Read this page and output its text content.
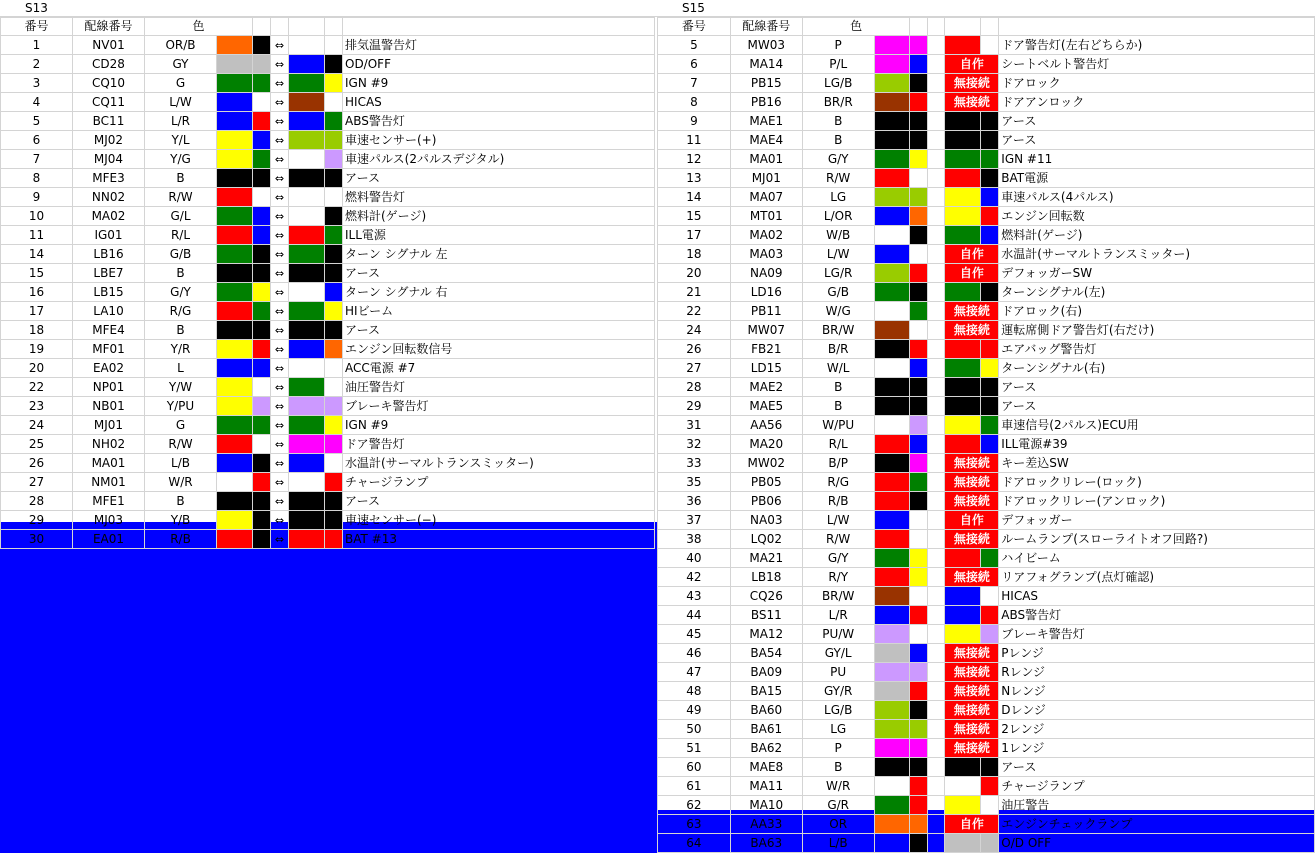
S13
番号	配線番号	色						
1	NV01	OR/B			⇔			排気温警告灯
2	CD28	GY			⇔			OD/OFF
3	CQ10	G			⇔			IGN #9
4	CQ11	L/W			⇔			HICAS
5	BC11	L/R			⇔			ABS警告灯
6	MJ02	Y/L			⇔			車速センサー(+)
7	MJ04	Y/G			⇔			車速パルス(2パルスデジタル)
8	MFE3	B			⇔			アース
9	NN02	R/W			⇔			燃料警告灯
10	MA02	G/L			⇔			燃料計(ゲージ)
11	IG01	R/L			⇔			ILL電源
14	LB16	G/B			⇔			ターン シグナル 左
15	LBE7	B			⇔			アース
16	LB15	G/Y			⇔			ターン シグナル 右
17	LA10	R/G			⇔			HIビーム
18	MFE4	B			⇔			アース
19	MF01	Y/R			⇔			エンジン回転数信号
20	EA02	L			⇔			ACC電源 #7
22	NP01	Y/W			⇔			油圧警告灯
23	NB01	Y/PU			⇔			ブレーキ警告灯
24	MJ01	G			⇔			IGN #9
25	NH02	R/W			⇔			ドア警告灯
26	MA01	L/B			⇔			水温計(サーマルトランスミッター)
27	NM01	W/R			⇔			チャージランプ
28	MFE1	B			⇔			アース
29	MJ03	Y/B			⇔			車速センサー(−)
30	EA01	R/B			⇔			BAT #13
S15
番号	配線番号	色						
5	MW03	P						ドア警告灯(左右どちらか)
6	MA14	P/L				自作		シートベルト警告灯
7	PB15	LG/B				無接続		ドアロック
8	PB16	BR/R				無接続		ドアアンロック
9	MAE1	B						アース
11	MAE4	B						アース
12	MA01	G/Y						IGN #11
13	MJ01	R/W						BAT電源
14	MA07	LG						車速パルス(4パルス)
15	MT01	L/OR						エンジン回転数
17	MA02	W/B						燃料計(ゲージ)
18	MA03	L/W				自作		水温計(サーマルトランスミッター)
20	NA09	LG/R				自作		デフォッガーSW
21	LD16	G/B						ターンシグナル(左)
22	PB11	W/G				無接続		ドアロック(右)
24	MW07	BR/W				無接続		運転席側ドア警告灯(右だけ)
26	FB21	B/R						エアバッグ警告灯
27	LD15	W/L						ターンシグナル(右)
28	MAE2	B						アース
29	MAE5	B						アース
31	AA56	W/PU						車速信号(2パルス)ECU用
32	MA20	R/L						ILL電源#39
33	MW02	B/P				無接続		キー差込SW
35	PB05	R/G				無接続		ドアロックリレー(ロック)
36	PB06	R/B				無接続		ドアロックリレー(アンロック)
37	NA03	L/W				自作		デフォッガー
38	LQ02	R/W				無接続		ルームランプ(スローライトオフ回路?)
40	MA21	G/Y						ハイビーム
42	LB18	R/Y				無接続		リアフォグランプ(点灯確認)
43	CQ26	BR/W						HICAS
44	BS11	L/R						ABS警告灯
45	MA12	PU/W						ブレーキ警告灯
46	BA54	GY/L				無接続		Pレンジ
47	BA09	PU				無接続		Rレンジ
48	BA15	GY/R				無接続		Nレンジ
49	BA60	LG/B				無接続		Dレンジ
50	BA61	LG				無接続		2レンジ
51	BA62	P				無接続		1レンジ
60	MAE8	B						アース
61	MA11	W/R						チャージランプ
62	MA10	G/R						油圧警告
63	AA33	OR				自作		エンジンチェックランプ
64	BA63	L/B						O/D OFF
